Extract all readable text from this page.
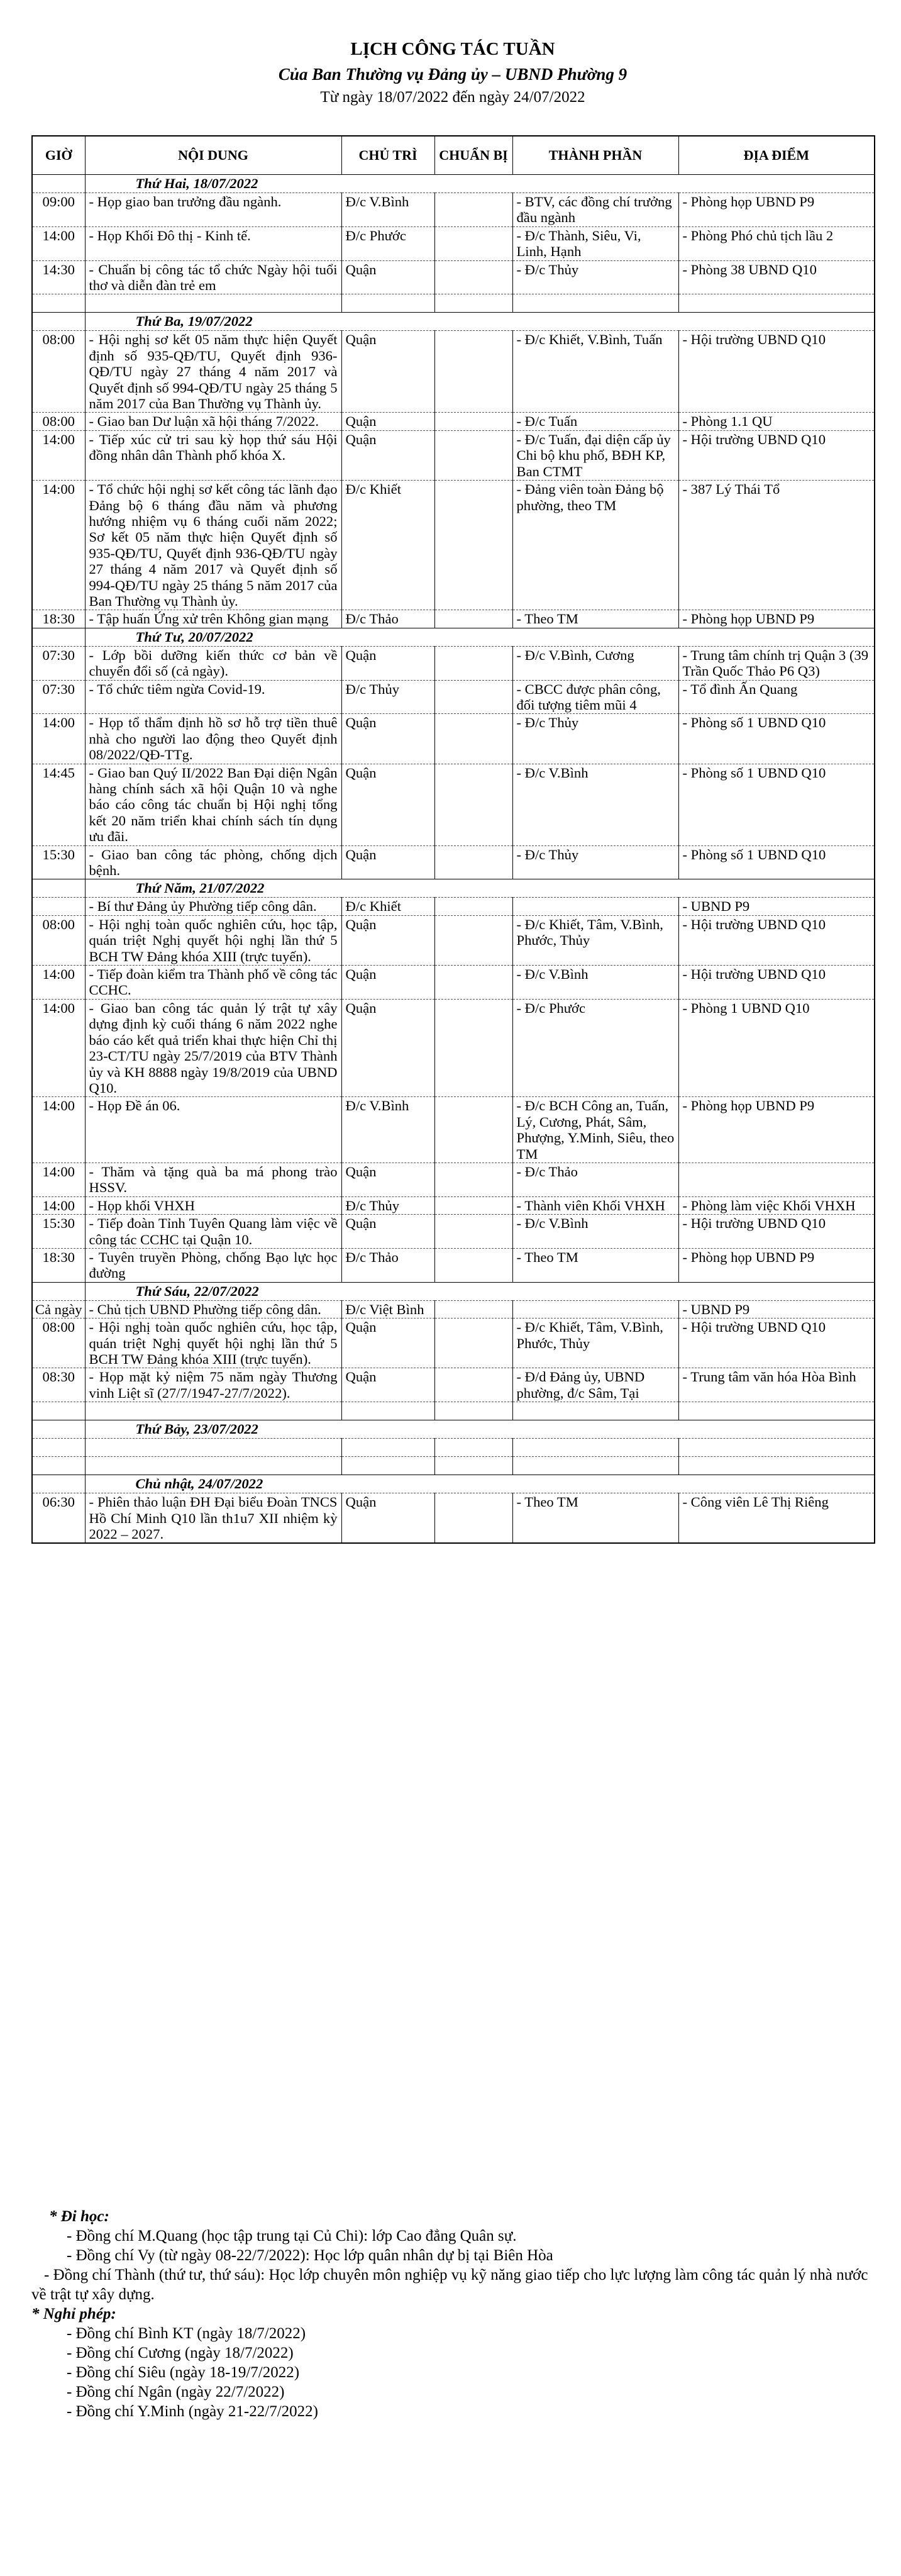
LỊCH CÔNG TÁC TUẦN
Của Ban Thường vụ Đảng ủy – UBND Phường 9
Từ ngày 18/07/2022 đến ngày 24/07/2022
GIỜ	NỘI DUNG	CHỦ TRÌ	CHUẨN BỊ	THÀNH PHẦN	ĐỊA ĐIỂM
	Thứ Hai, 18/07/2022				
09:00	- Họp giao ban trưởng đầu ngành.	Đ/c V.Bình		- BTV, các đồng chí trưởng đầu ngành	- Phòng họp UBND P9
14:00	- Họp Khối Đô thị - Kinh tế.	Đ/c Phước		- Đ/c Thành, Siêu, Vi, Linh, Hạnh	- Phòng Phó chủ tịch lầu 2
14:30	- Chuẩn bị công tác tổ chức Ngày hội tuổi thơ và diễn đàn trẻ em	Quận		- Đ/c Thủy	- Phòng 38 UBND Q10

	Thứ Ba, 19/07/2022				
08:00	- Hội nghị sơ kết 05 năm thực hiện Quyết định số 935-QĐ/TU, Quyết định 936-QĐ/TU ngày 27 tháng 4 năm 2017 và Quyết định số 994-QĐ/TU ngày 25 tháng 5 năm 2017 của Ban Thường vụ Thành ủy.	Quận		- Đ/c Khiết, V.Bình, Tuấn	- Hội trường UBND Q10
08:00	- Giao ban Dư luận xã hội tháng 7/2022.	Quận		- Đ/c Tuấn	- Phòng 1.1 QU
14:00	- Tiếp xúc cử tri sau kỳ họp thứ sáu Hội đồng nhân dân Thành phố khóa X.	Quận		- Đ/c Tuấn, đại diện cấp ủy Chi bộ khu phố, BĐH KP, Ban CTMT	- Hội trường UBND Q10
14:00	- Tổ chức hội nghị sơ kết công tác lãnh đạo Đảng bộ 6 tháng đầu năm và phương hướng nhiệm vụ 6 tháng cuối năm 2022; Sơ kết 05 năm thực hiện Quyết định số 935-QĐ/TU, Quyết định 936-QĐ/TU ngày 27 tháng 4 năm 2017 và Quyết định số 994-QĐ/TU ngày 25 tháng 5 năm 2017 của Ban Thường vụ Thành ủy.	Đ/c Khiết		- Đảng viên toàn Đảng bộ phường, theo TM	- 387 Lý Thái Tổ
18:30	- Tập huấn Ứng xử trên Không gian mạng	Đ/c Thảo		- Theo TM	- Phòng họp UBND P9
	Thứ Tư, 20/07/2022				
07:30	- Lớp bồi dưỡng kiến thức cơ bản về chuyển đổi số (cả ngày).	Quận		- Đ/c V.Bình, Cương	- Trung tâm chính trị Quận 3 (39 Trần Quốc Thảo P6 Q3)
07:30	- Tổ chức tiêm ngừa Covid-19.	Đ/c Thủy		- CBCC được phân công, đối tượng tiêm mũi 4	- Tổ đình Ấn Quang
14:00	- Họp tổ thẩm định hồ sơ hỗ trợ tiền thuê nhà cho người lao động theo Quyết định 08/2022/QĐ-TTg.	Quận		- Đ/c Thủy	- Phòng số 1 UBND Q10
14:45	- Giao ban Quý II/2022 Ban Đại diện Ngân hàng chính sách xã hội Quận 10 và nghe báo cáo công tác chuẩn bị Hội nghị tổng kết 20 năm triển khai chính sách tín dụng ưu đãi.	Quận		- Đ/c V.Bình	- Phòng số 1 UBND Q10
15:30	- Giao ban công tác phòng, chống dịch bệnh.	Quận		- Đ/c Thủy	- Phòng số 1 UBND Q10
	Thứ Năm, 21/07/2022				
	- Bí thư Đảng ủy Phường tiếp công dân.	Đ/c Khiết			- UBND P9
08:00	- Hội nghị toàn quốc nghiên cứu, học tập, quán triệt Nghị quyết hội nghị lần thứ 5 BCH TW Đảng khóa XIII (trực tuyến).	Quận		- Đ/c Khiết, Tâm, V.Bình, Phước, Thủy	- Hội trường UBND Q10
14:00	- Tiếp đoàn kiểm tra Thành phố về công tác CCHC.	Quận		- Đ/c V.Bình	- Hội trường UBND Q10
14:00	- Giao ban công tác quản lý trật tự xây dựng định kỳ cuối tháng 6 năm 2022 nghe báo cáo kết quả triển khai thực hiện Chỉ thị 23-CT/TU ngày 25/7/2019 của BTV Thành ủy và KH 8888 ngày 19/8/2019 của UBND Q10.	Quận		- Đ/c Phước	- Phòng 1 UBND Q10
14:00	- Họp Đề án 06.	Đ/c V.Bình		- Đ/c BCH Công an, Tuấn, Lý, Cương, Phát, Sâm, Phượng, Y.Minh, Siêu, theo TM	- Phòng họp UBND P9
14:00	- Thăm và tặng quà ba má phong trào HSSV.	Quận		- Đ/c Thảo	
14:00	- Họp khối VHXH	Đ/c Thủy		- Thành viên Khối VHXH	- Phòng làm việc Khối VHXH
15:30	- Tiếp đoàn Tỉnh Tuyên Quang làm việc về công tác CCHC tại Quận 10.	Quận		- Đ/c V.Bình	- Hội trường UBND Q10
18:30	- Tuyên truyền Phòng, chống Bạo lực học đường	Đ/c Thảo		- Theo TM	- Phòng họp UBND P9
	Thứ Sáu, 22/07/2022				
Cả ngày	- Chủ tịch UBND Phường tiếp công dân.	Đ/c Việt Bình			- UBND P9
08:00	- Hội nghị toàn quốc nghiên cứu, học tập, quán triệt Nghị quyết hội nghị lần thứ 5 BCH TW Đảng khóa XIII (trực tuyến).	Quận		- Đ/c Khiết, Tâm, V.Bình, Phước, Thủy	- Hội trường UBND Q10
08:30	- Họp mặt kỷ niệm 75 năm ngày Thương vinh Liệt sĩ (27/7/1947-27/7/2022).	Quận		- Đ/d Đảng ủy, UBND phường, đ/c Sâm, Tại	- Trung tâm văn hóa Hòa Bình

	Thứ Bảy, 23/07/2022				

	Chủ nhật, 24/07/2022				
06:30	- Phiên thảo luận ĐH Đại biểu Đoàn TNCS Hồ Chí Minh Q10 lần th1u7 XII nhiệm kỳ 2022 – 2027.	Quận		- Theo TM	- Công viên Lê Thị Riêng
* Đi học:
- Đồng chí M.Quang (học tập trung tại Củ Chi): lớp Cao đẳng Quân sự.
- Đồng chí Vy (từ ngày 08-22/7/2022): Học lớp quân nhân dự bị tại Biên Hòa
- Đồng chí Thành (thứ tư, thứ sáu): Học lớp chuyên môn nghiệp vụ kỹ năng giao tiếp cho lực lượng làm công tác quản lý nhà nước về trật tự xây dựng.
* Nghỉ phép:
- Đồng chí Bình KT (ngày 18/7/2022)
- Đồng chí Cương (ngày 18/7/2022)
- Đồng chí Siêu (ngày 18-19/7/2022)
- Đồng chí Ngân (ngày 22/7/2022)
- Đồng chí Y.Minh (ngày 21-22/7/2022)
